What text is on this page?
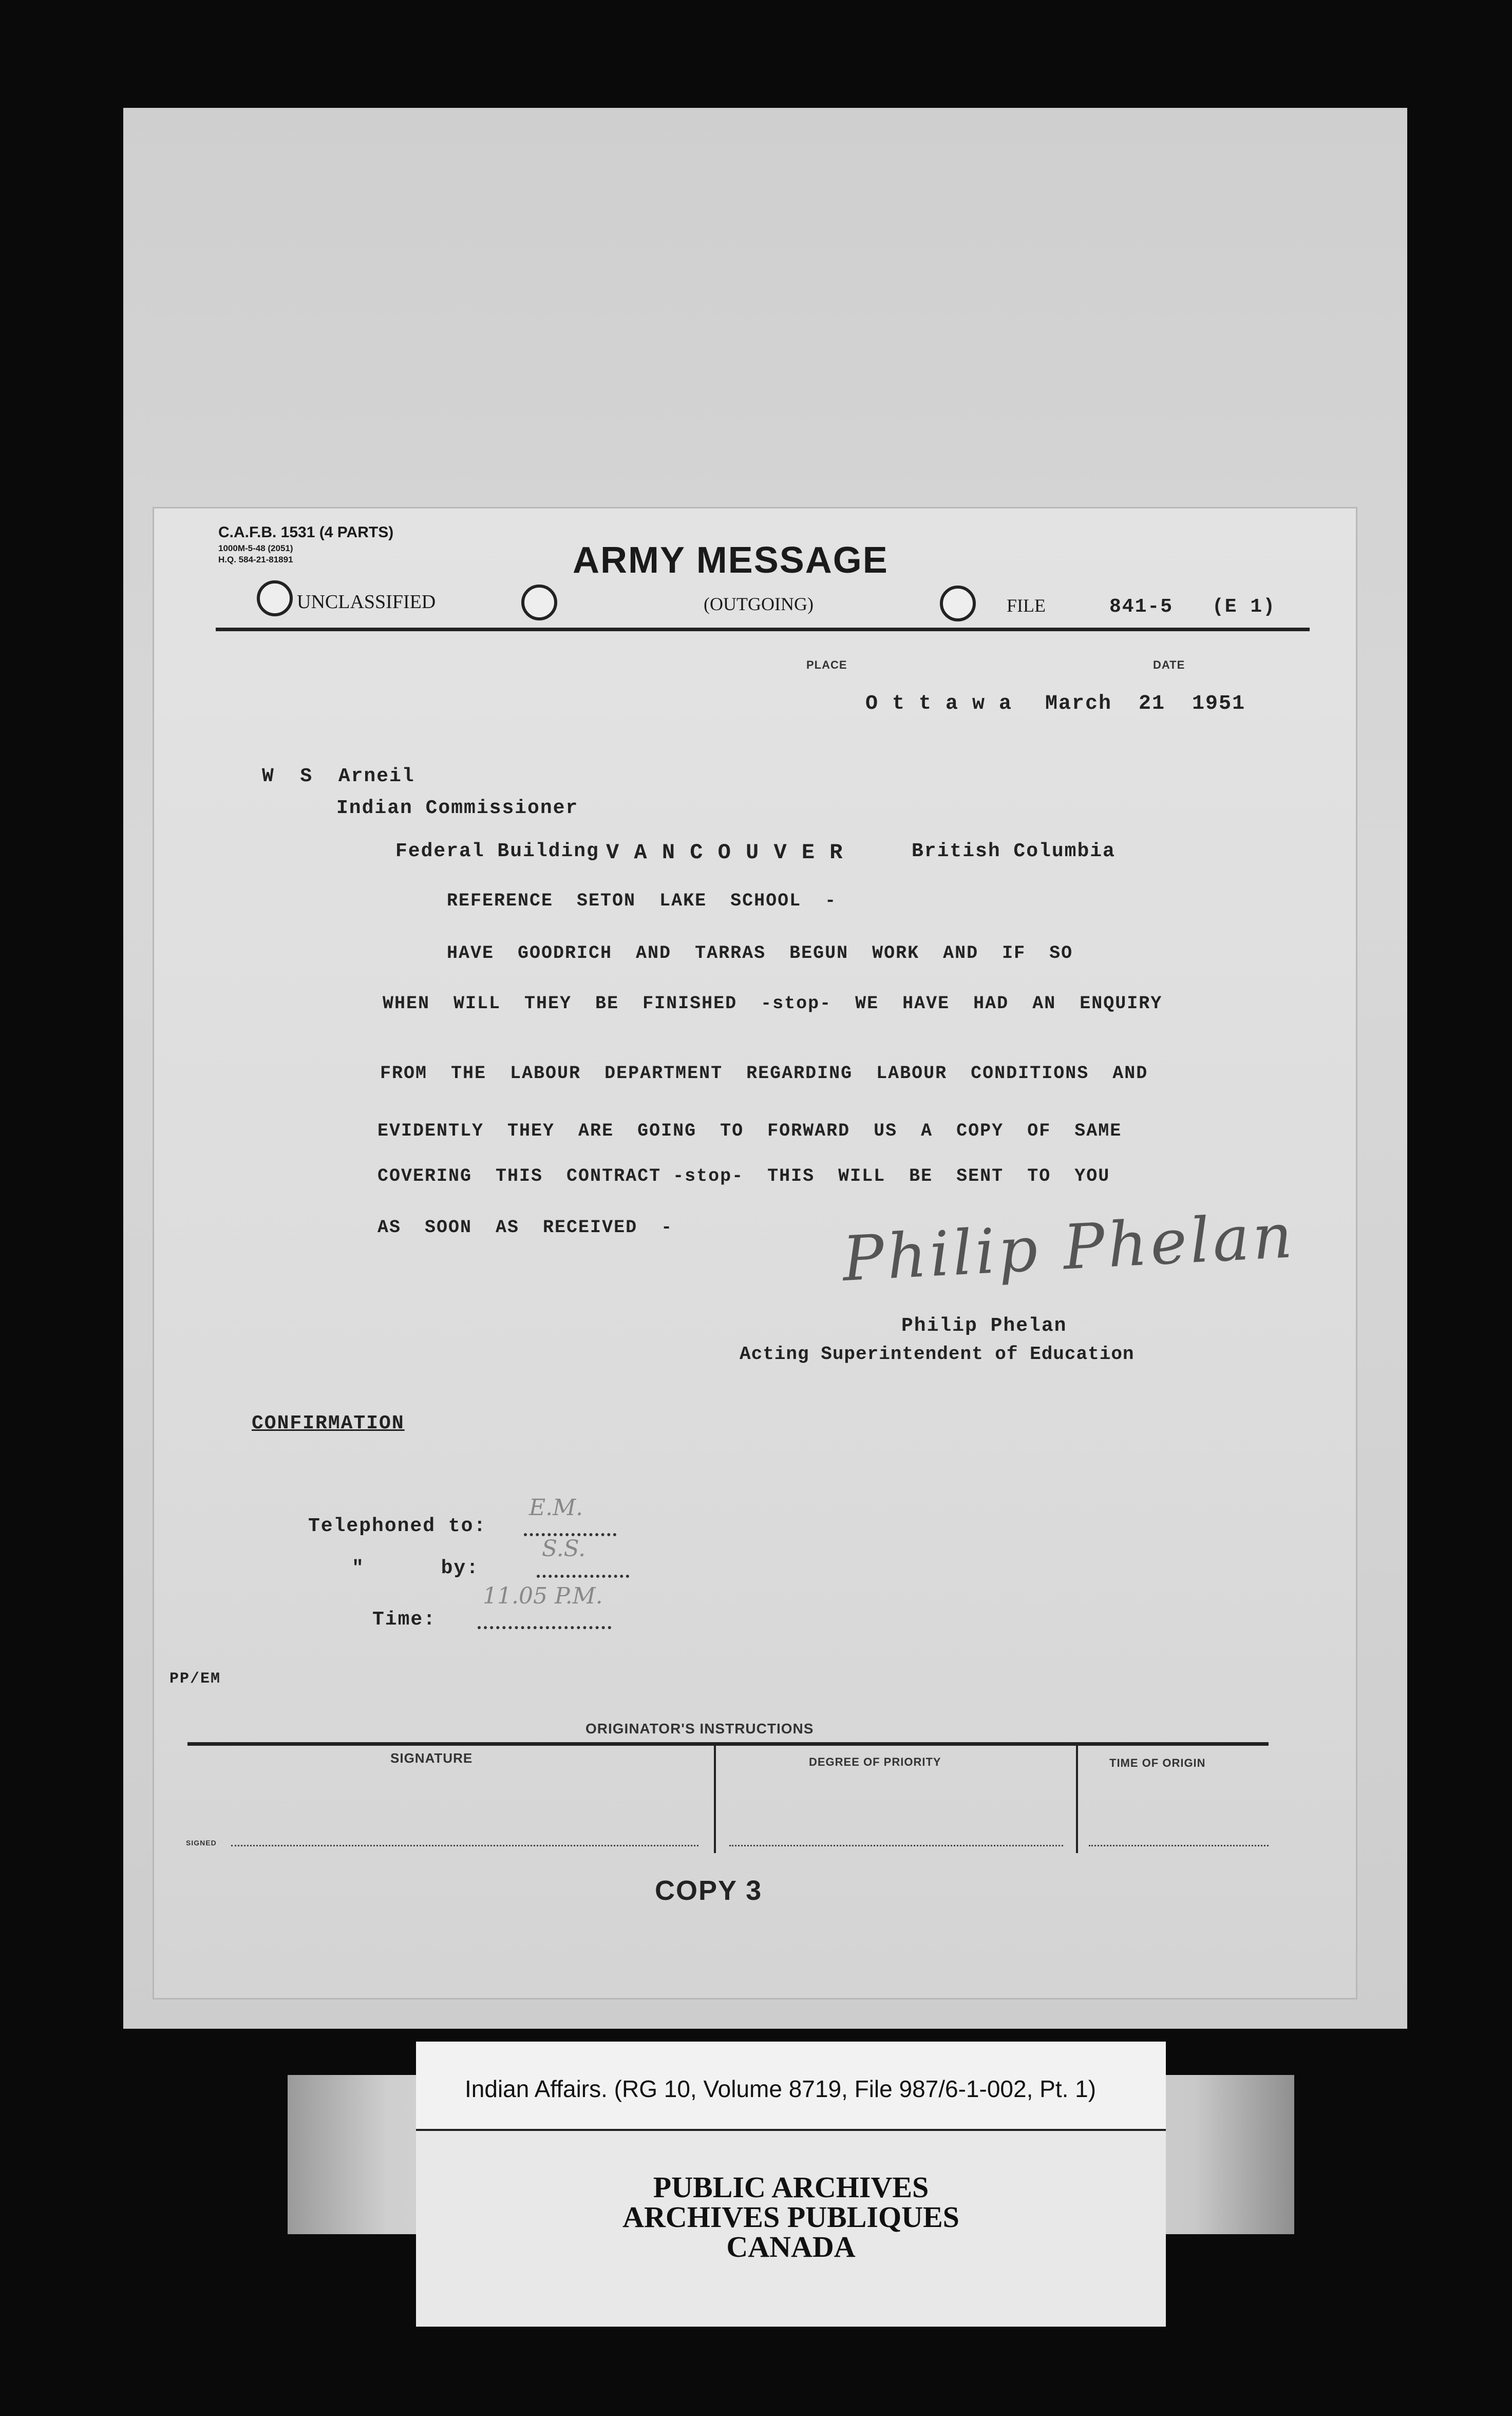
C.A.F.B. 1531 (4 PARTS)
1000M-5-48 (2051)
H.Q. 584-21-81891	ARMY MESSAGE
UNCLASSIFIED	(OUTGOING)	FILE	841-5 (E 1)
PLACE	DATE
O t t a w a March  21  1951
W  S  Arneil
Indian Commissioner
Federal Building V A N C O U V E R	British Columbia
REFERENCE  SETON  LAKE  SCHOOL  -
HAVE  GOODRICH  AND  TARRAS  BEGUN  WORK  AND  IF  SO
WHEN  WILL  THEY  BE  FINISHED  -stop-  WE  HAVE  HAD  AN  ENQUIRY
FROM  THE  LABOUR  DEPARTMENT  REGARDING  LABOUR  CONDITIONS  AND
EVIDENTLY  THEY  ARE  GOING  TO  FORWARD  US  A  COPY  OF  SAME
COVERING  THIS  CONTRACT -stop-  THIS  WILL  BE  SENT  TO  YOU
AS  SOON  AS  RECEIVED  -	Philip Phelan
Philip Phelan
Acting Superintendent of Education
CONFIRMATION
Telephoned to:
E.M.
"      by:
S.S.
Time:
11.05 P.M.
PP/EM
ORIGINATOR'S INSTRUCTIONS
SIGNATURE	DEGREE OF PRIORITY	TIME OF ORIGIN
SIGNED
COPY 3
Indian Affairs. (RG 10, Volume 8719, File 987/6-1-002, Pt. 1)
PUBLIC ARCHIVES
ARCHIVES PUBLIQUES
CANADA
